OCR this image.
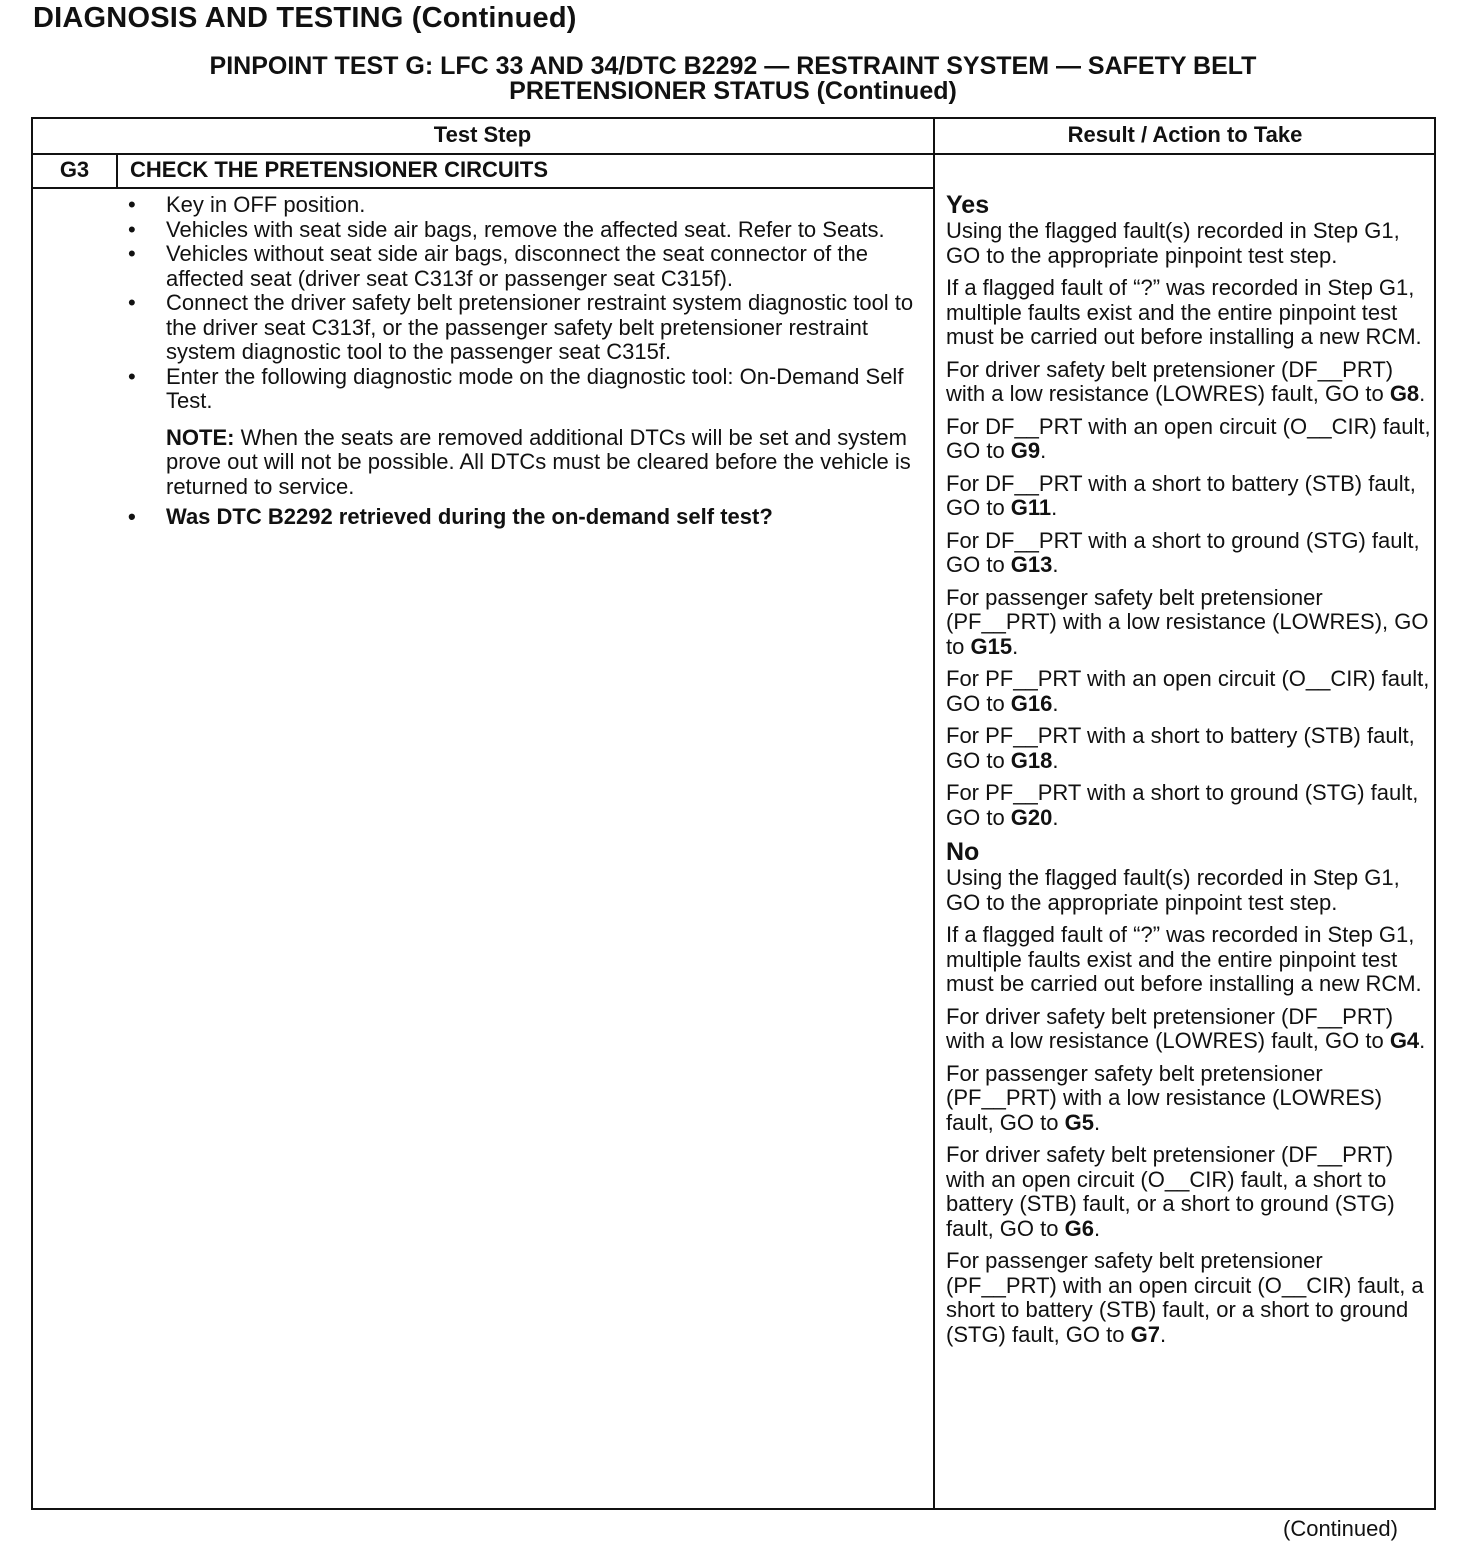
DIAGNOSIS AND TESTING (Continued)
PINPOINT TEST G: LFC 33 AND 34/DTC B2292 — RESTRAINT SYSTEM — SAFETY BELT
PRETENSIONER STATUS (Continued)
Test Step	Result / Action to Take
G3	CHECK THE PRETENSIONER CIRCUITS
• Key in OFF position.
• Vehicles with seat side air bags, remove the affected seat. Refer to Seats.
• Vehicles without seat side air bags, disconnect the seat connector of the affected seat (driver seat C313f or passenger seat C315f).
• Connect the driver safety belt pretensioner restraint system diagnostic tool to the driver seat C313f, or the passenger safety belt pretensioner restraint system diagnostic tool to the passenger seat C315f.
• Enter the following diagnostic mode on the diagnostic tool: On-Demand Self Test.
NOTE: When the seats are removed additional DTCs will be set and system prove out will not be possible. All DTCs must be cleared before the vehicle is returned to service.
• Was DTC B2292 retrieved during the on-demand self test?
Yes
Using the flagged fault(s) recorded in Step G1, GO to the appropriate pinpoint test step.
If a flagged fault of “?” was recorded in Step G1, multiple faults exist and the entire pinpoint test must be carried out before installing a new RCM.
For driver safety belt pretensioner (DF__PRT) with a low resistance (LOWRES) fault, GO to G8.
For DF__PRT with an open circuit (O__CIR) fault, GO to G9.
For DF__PRT with a short to battery (STB) fault, GO to G11.
For DF__PRT with a short to ground (STG) fault, GO to G13.
For passenger safety belt pretensioner (PF__PRT) with a low resistance (LOWRES), GO to G15.
For PF__PRT with an open circuit (O__CIR) fault, GO to G16.
For PF__PRT with a short to battery (STB) fault, GO to G18.
For PF__PRT with a short to ground (STG) fault, GO to G20.
No
Using the flagged fault(s) recorded in Step G1, GO to the appropriate pinpoint test step.
If a flagged fault of “?” was recorded in Step G1, multiple faults exist and the entire pinpoint test must be carried out before installing a new RCM.
For driver safety belt pretensioner (DF__PRT) with a low resistance (LOWRES) fault, GO to G4.
For passenger safety belt pretensioner (PF__PRT) with a low resistance (LOWRES) fault, GO to G5.
For driver safety belt pretensioner (DF__PRT) with an open circuit (O__CIR) fault, a short to battery (STB) fault, or a short to ground (STG) fault, GO to G6.
For passenger safety belt pretensioner (PF__PRT) with an open circuit (O__CIR) fault, a short to battery (STB) fault, or a short to ground (STG) fault, GO to G7.
(Continued)
